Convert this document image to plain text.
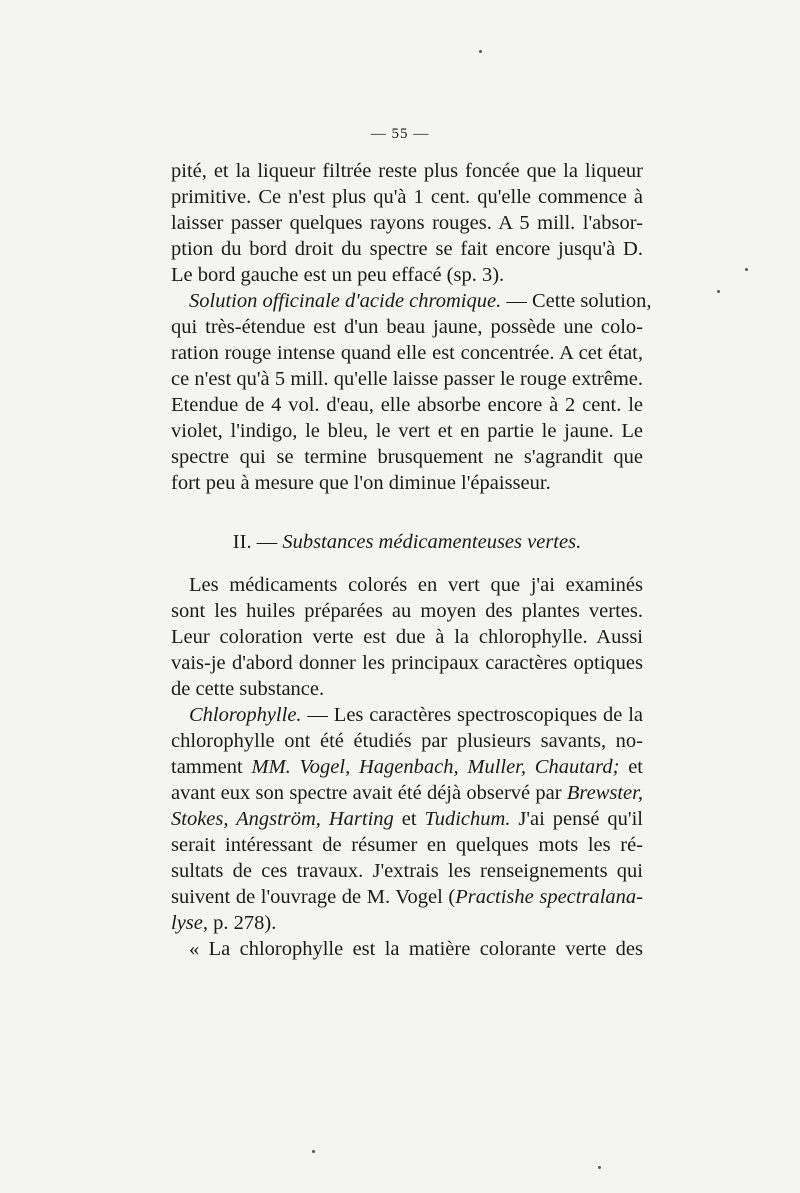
— 55 —
pité, et la liqueur filtrée reste plus foncée que la liqueur
primitive. Ce n'est plus qu'à 1 cent. qu'elle commence à
laisser passer quelques rayons rouges. A 5 mill. l'absor-
ption du bord droit du spectre se fait encore jusqu'à D.
Le bord gauche est un peu effacé (sp. 3).
Solution officinale d'acide chromique. — Cette solution,
qui très-étendue est d'un beau jaune, possède une colo-
ration rouge intense quand elle est concentrée. A cet état,
ce n'est qu'à 5 mill. qu'elle laisse passer le rouge extrême.
Etendue de 4 vol. d'eau, elle absorbe encore à 2 cent. le
violet, l'indigo, le bleu, le vert et en partie le jaune. Le
spectre qui se termine brusquement ne s'agrandit que
fort peu à mesure que l'on diminue l'épaisseur.
II. — Substances médicamenteuses vertes.
Les médicaments colorés en vert que j'ai examinés
sont les huiles préparées au moyen des plantes vertes.
Leur coloration verte est due à la chlorophylle. Aussi
vais-je d'abord donner les principaux caractères optiques
de cette substance.
Chlorophylle. — Les caractères spectroscopiques de la
chlorophylle ont été étudiés par plusieurs savants, no-
tamment MM. Vogel, Hagenbach, Muller, Chautard; et
avant eux son spectre avait été déjà observé par Brewster,
Stokes, Angström, Harting et Tudichum. J'ai pensé qu'il
serait intéressant de résumer en quelques mots les ré-
sultats de ces travaux. J'extrais les renseignements qui
suivent de l'ouvrage de M. Vogel (Practishe spectralana-
lyse, p. 278).
« La chlorophylle est la matière colorante verte des
